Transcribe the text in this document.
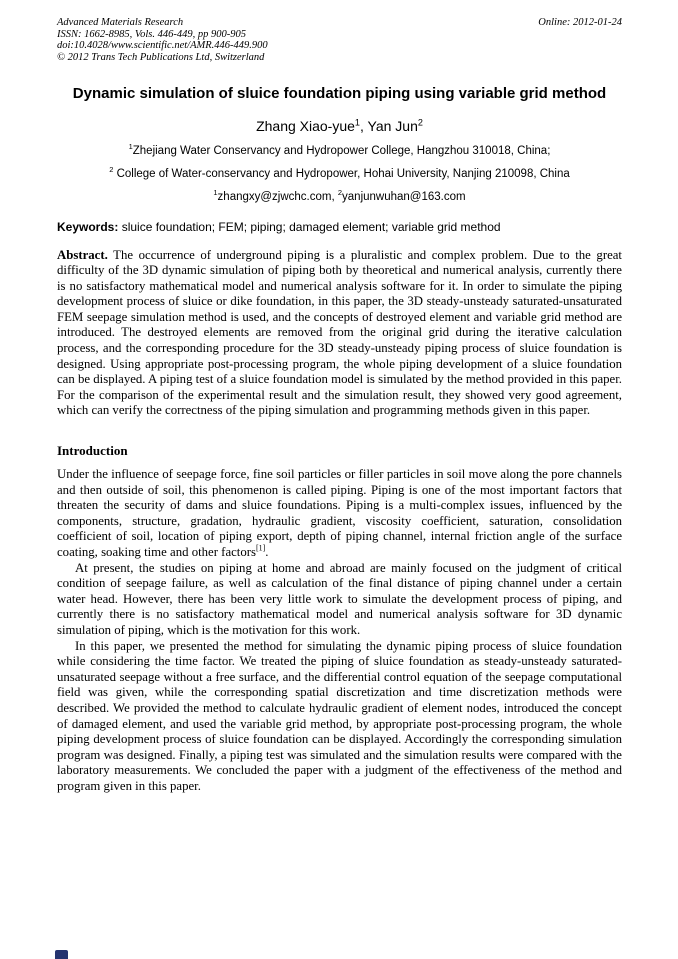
Advanced Materials Research
ISSN: 1662-8985, Vols. 446-449, pp 900-905
doi:10.4028/www.scientific.net/AMR.446-449.900
© 2012 Trans Tech Publications Ltd, Switzerland
Online: 2012-01-24
Dynamic simulation of sluice foundation piping using variable grid method
Zhang Xiao-yue$^1$, Yan Jun$^2$
$^1$Zhejiang Water Conservancy and Hydropower College, Hangzhou 310018, China;
$^2$ College of Water-conservancy and Hydropower, Hohai University, Nanjing 210098, China
$^1$zhangxy@zjwchc.com, $^2$yanjunwuhan@163.com

Keywords: sluice foundation; FEM; piping; damaged element; variable grid method

Abstract. The occurrence of underground piping is a pluralistic and complex problem. Due to the great difficulty of the 3D dynamic simulation of piping both by theoretical and numerical analysis, currently there is no satisfactory mathematical model and numerical analysis software for it. In order to simulate the piping development process of sluice or dike foundation, in this paper, the 3D steady-unsteady saturated-unsaturated FEM seepage simulation method is used, and the concepts of destroyed element and variable grid method are introduced. The destroyed elements are removed from the original grid during the iterative calculation process, and the corresponding procedure for the 3D steady-unsteady piping process of sluice foundation is designed. Using appropriate post-processing program, the whole piping development of a sluice foundation can be displayed. A piping test of a sluice foundation model is simulated by the method provided in this paper. For the comparison of the experimental result and the simulation result, they showed very good agreement, which can verify the correctness of the piping simulation and programming methods given in this paper.

Introduction

Under the influence of seepage force, fine soil particles or filler particles in soil move along the pore channels and then outside of soil, this phenomenon is called piping. Piping is one of the most important factors that threaten the security of dams and sluice foundations. Piping is a multi-complex issues, influenced by the components, structure, gradation, hydraulic gradient, viscosity coefficient, saturation, consolidation coefficient of soil, location of piping export, depth of piping channel, internal friction angle of the surface coating, soaking time and other factors[1].

At present, the studies on piping at home and abroad are mainly focused on the judgment of critical condition of seepage failure, as well as calculation of the final distance of piping channel under a certain water head. However, there has been very little work to simulate the development process of piping, and currently there is no satisfactory mathematical model and numerical analysis software for 3D dynamic simulation of piping, which is the motivation for this work.

In this paper, we presented the method for simulating the dynamic piping process of sluice foundation while considering the time factor. We treated the piping of sluice foundation as steady-unsteady saturated-unsaturated seepage without a free surface, and the differential control equation of the seepage computational field was given, while the corresponding spatial discretization and time discretization methods were described. We provided the method to calculate hydraulic gradient of element nodes, introduced the concept of damaged element, and used the variable grid method, by appropriate post-processing program, the whole piping development process of sluice foundation can be displayed. Accordingly the corresponding simulation program was designed. Finally, a piping test was simulated and the simulation results were compared with the laboratory measurements. We concluded the paper with a judgment of the effectiveness of the method and program given in this paper.
